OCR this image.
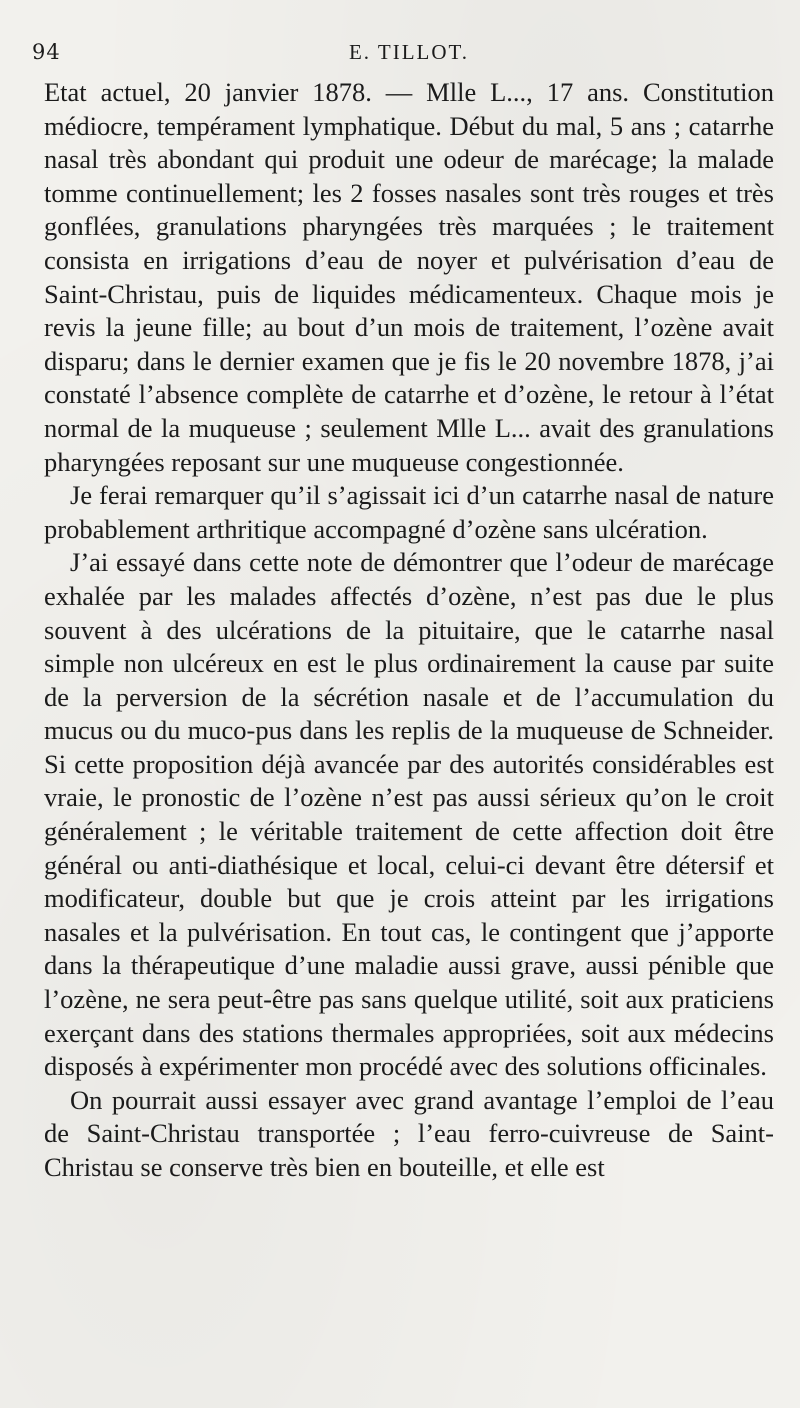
94	E. TILLOT.

Etat actuel, 20 janvier 1878. — Mlle L..., 17 ans. Constitution médiocre, tempérament lymphatique. Début du mal, 5 ans ; catarrhe nasal très abondant qui produit une odeur de marécage; la malade tomme continuellement; les 2 fosses nasales sont très rouges et très gonflées, granulations pharyngées très marquées ; le traitement consista en irrigations d’eau de noyer et pulvérisation d’eau de Saint-Christau, puis de liquides médicamenteux. Chaque mois je revis la jeune fille; au bout d’un mois de traitement, l’ozène avait disparu; dans le dernier examen que je fis le 20 novembre 1878, j’ai constaté l’absence complète de catarrhe et d’ozène, le retour à l’état normal de la muqueuse ; seulement Mlle L... avait des granulations pharyngées reposant sur une muqueuse congestionnée.

Je ferai remarquer qu’il s’agissait ici d’un catarrhe nasal de nature probablement arthritique accompagné d’ozène sans ulcération.

J’ai essayé dans cette note de démontrer que l’odeur de marécage exhalée par les malades affectés d’ozène, n’est pas due le plus souvent à des ulcérations de la pituitaire, que le catarrhe nasal simple non ulcéreux en est le plus ordinairement la cause par suite de la perversion de la sécrétion nasale et de l’accumulation du mucus ou du muco-pus dans les replis de la muqueuse de Schneider. Si cette proposition déjà avancée par des autorités considérables est vraie, le pronostic de l’ozène n’est pas aussi sérieux qu’on le croit généralement ; le véritable traitement de cette affection doit être général ou anti-diathésique et local, celui-ci devant être détersif et modificateur, double but que je crois atteint par les irrigations nasales et la pulvérisation. En tout cas, le contingent que j’apporte dans la thérapeutique d’une maladie aussi grave, aussi pénible que l’ozène, ne sera peut-être pas sans quelque utilité, soit aux praticiens exerçant dans des stations thermales appropriées, soit aux médecins disposés à expérimenter mon procédé avec des solutions officinales.

On pourrait aussi essayer avec grand avantage l’emploi de l’eau de Saint-Christau transportée ; l’eau ferro-cuivreuse de Saint-Christau se conserve très bien en bouteille, et elle est
